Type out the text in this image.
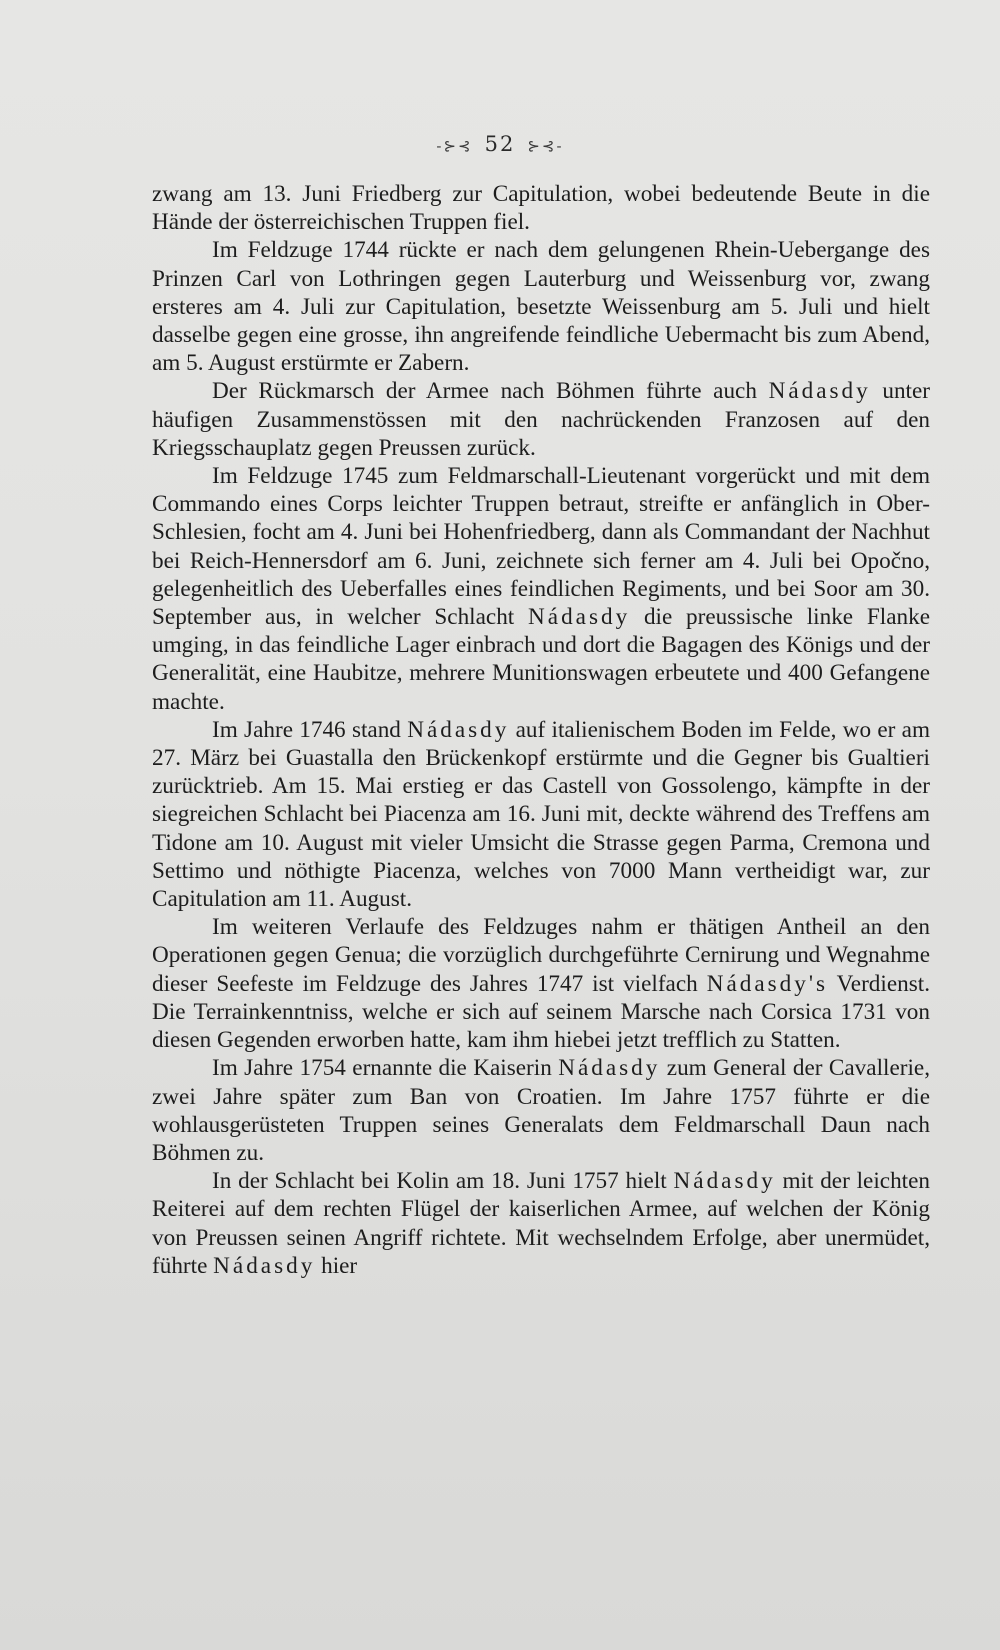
-⊱⊰ 52 ⊱⊰-

zwang am 13. Juni Friedberg zur Capitulation, wobei bedeutende Beute in die Hände der österreichischen Truppen fiel.

Im Feldzuge 1744 rückte er nach dem gelungenen Rhein-Uebergange des Prinzen Carl von Lothringen gegen Lauterburg und Weissenburg vor, zwang ersteres am 4. Juli zur Capitulation, besetzte Weissenburg am 5. Juli und hielt dasselbe gegen eine grosse, ihn angreifende feindliche Uebermacht bis zum Abend, am 5. August erstürmte er Zabern.

Der Rückmarsch der Armee nach Böhmen führte auch Nádasdy unter häufigen Zusammenstössen mit den nachrückenden Franzosen auf den Kriegsschauplatz gegen Preussen zurück.

Im Feldzuge 1745 zum Feldmarschall-Lieutenant vorgerückt und mit dem Commando eines Corps leichter Truppen betraut, streifte er anfänglich in Ober-Schlesien, focht am 4. Juni bei Hohenfriedberg, dann als Commandant der Nachhut bei Reich-Hennersdorf am 6. Juni, zeichnete sich ferner am 4. Juli bei Opočno, gelegenheitlich des Ueberfalles eines feindlichen Regiments, und bei Soor am 30. September aus, in welcher Schlacht Nádasdy die preussische linke Flanke umging, in das feindliche Lager einbrach und dort die Bagagen des Königs und der Generalität, eine Haubitze, mehrere Munitionswagen erbeutete und 400 Gefangene machte.

Im Jahre 1746 stand Nádasdy auf italienischem Boden im Felde, wo er am 27. März bei Guastalla den Brückenkopf erstürmte und die Gegner bis Gualtieri zurücktrieb. Am 15. Mai erstieg er das Castell von Gossolengo, kämpfte in der siegreichen Schlacht bei Piacenza am 16. Juni mit, deckte während des Treffens am Tidone am 10. August mit vieler Umsicht die Strasse gegen Parma, Cremona und Settimo und nöthigte Piacenza, welches von 7000 Mann vertheidigt war, zur Capitulation am 11. August.

Im weiteren Verlaufe des Feldzuges nahm er thätigen Antheil an den Operationen gegen Genua; die vorzüglich durchgeführte Cernirung und Wegnahme dieser Seefeste im Feldzuge des Jahres 1747 ist vielfach Nádasdy's Verdienst. Die Terrainkenntniss, welche er sich auf seinem Marsche nach Corsica 1731 von diesen Gegenden erworben hatte, kam ihm hiebei jetzt trefflich zu Statten.

Im Jahre 1754 ernannte die Kaiserin Nádasdy zum General der Cavallerie, zwei Jahre später zum Ban von Croatien. Im Jahre 1757 führte er die wohlausgerüsteten Truppen seines Generalats dem Feldmarschall Daun nach Böhmen zu.

In der Schlacht bei Kolin am 18. Juni 1757 hielt Nádasdy mit der leichten Reiterei auf dem rechten Flügel der kaiserlichen Armee, auf welchen der König von Preussen seinen Angriff richtete. Mit wechselndem Erfolge, aber unermüdet, führte Nádasdy hier
